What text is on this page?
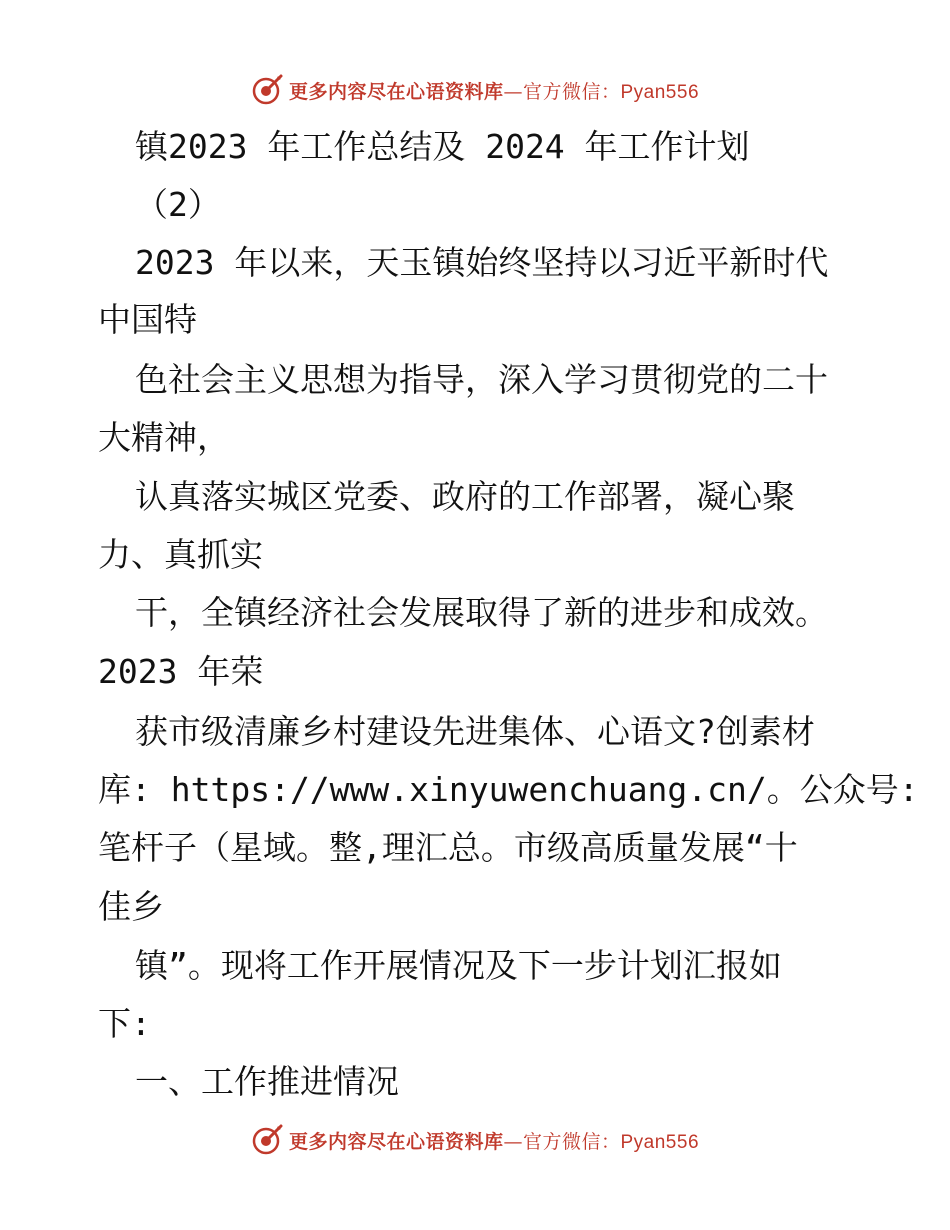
更多内容尽在心语资料库 —官方微信：Pyan556
镇2023 年工作总结及 2024 年工作计划
（2）
2023 年以来，天玉镇始终坚持以习近平新时代
中国特
色社会主义思想为指导，深入学习贯彻党的二十
大精神，
认真落实城区党委、政府的工作部署，凝心聚
力、真抓实
干，全镇经济社会发展取得了新的进步和成效。
2023 年荣
获市级清廉乡村建设先进集体、心语文?创素材
库: https://www.xinyuwenchuang.cn/。公众号:
笔杆子（星域。整,理汇总。市级高质量发展“十
佳乡
镇”。现将工作开展情况及下一步计划汇报如
下:
一、工作推进情况
更多内容尽在心语资料库 —官方微信：Pyan556
